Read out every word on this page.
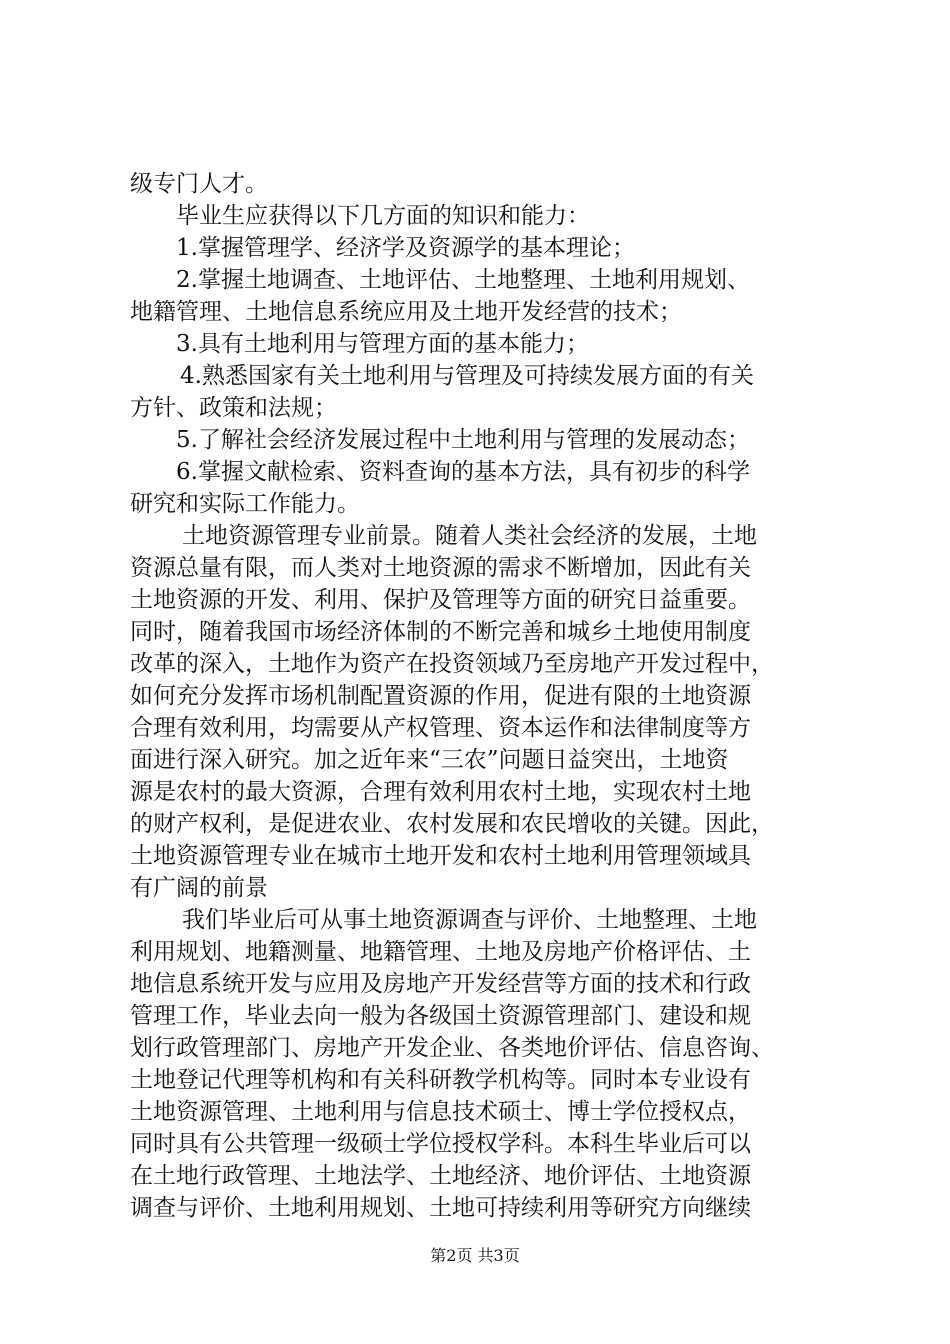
级专门人才。
毕业生应获得以下几方面的知识和能力：
1.掌握管理学、经济学及资源学的基本理论；
2.掌握土地调查、土地评估、土地整理、土地利用规划、
地籍管理、土地信息系统应用及土地开发经营的技术；
3.具有土地利用与管理方面的基本能力；
4.熟悉国家有关土地利用与管理及可持续发展方面的有关
方针、政策和法规；
5.了解社会经济发展过程中土地利用与管理的发展动态；
6.掌握文献检索、资料查询的基本方法，具有初步的科学
研究和实际工作能力。
土地资源管理专业前景。随着人类社会经济的发展，土地
资源总量有限，而人类对土地资源的需求不断增加，因此有关
土地资源的开发、利用、保护及管理等方面的研究日益重要。
同时，随着我国市场经济体制的不断完善和城乡土地使用制度
改革的深入，土地作为资产在投资领域乃至房地产开发过程中，
如何充分发挥市场机制配置资源的作用，促进有限的土地资源
合理有效利用，均需要从产权管理、资本运作和法律制度等方
面进行深入研究。加之近年来“三农”问题日益突出，土地资
源是农村的最大资源，合理有效利用农村土地，实现农村土地
的财产权利，是促进农业、农村发展和农民增收的关键。因此，
土地资源管理专业在城市土地开发和农村土地利用管理领域具
有广阔的前景
我们毕业后可从事土地资源调查与评价、土地整理、土地
利用规划、地籍测量、地籍管理、土地及房地产价格评估、土
地信息系统开发与应用及房地产开发经营等方面的技术和行政
管理工作，毕业去向一般为各级国土资源管理部门、建设和规
划行政管理部门、房地产开发企业、各类地价评估、信息咨询、
土地登记代理等机构和有关科研教学机构等。同时本专业设有
土地资源管理、土地利用与信息技术硕士、博士学位授权点，
同时具有公共管理一级硕士学位授权学科。本科生毕业后可以
在土地行政管理、土地法学、土地经济、地价评估、土地资源
调查与评价、土地利用规划、土地可持续利用等研究方向继续
第2页 共3页
